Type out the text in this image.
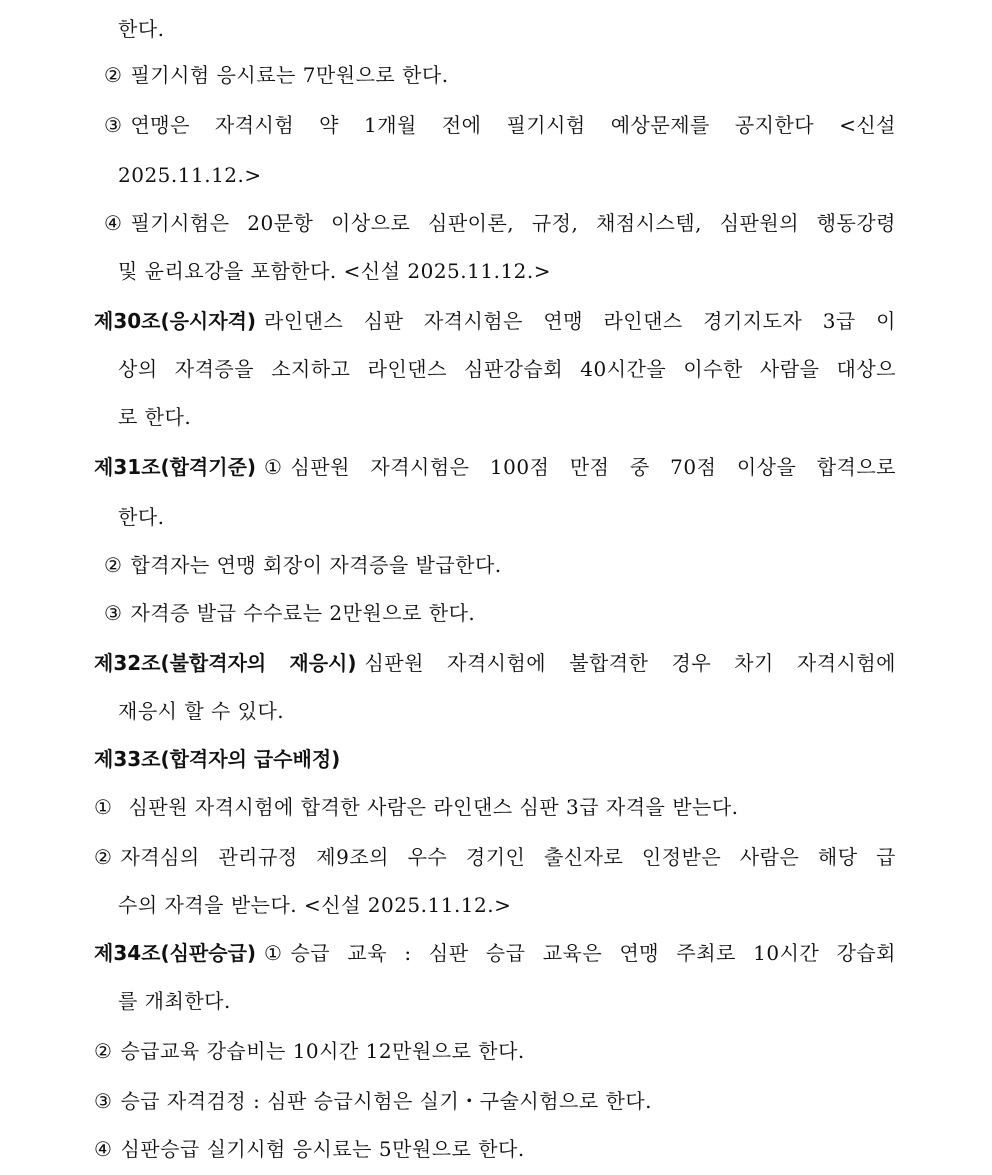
한다.
② 필기시험 응시료는 7만원으로 한다.
③ 연맹은 자격시험 약 1개월 전에 필기시험 예상문제를 공지한다 <신설
2025.11.12.>
④ 필기시험은 20문항 이상으로 심판이론, 규정, 채점시스템, 심판원의 행동강령
및 윤리요강을 포함한다. <신설 2025.11.12.>
제30조(응시자격) 라인댄스 심판 자격시험은 연맹 라인댄스 경기지도자 3급 이
상의 자격증을 소지하고 라인댄스 심판강습회 40시간을 이수한 사람을 대상으
로 한다.
제31조(합격기준) ① 심판원 자격시험은 100점 만점 중 70점 이상을 합격으로
한다.
② 합격자는 연맹 회장이 자격증을 발급한다.
③ 자격증 발급 수수료는 2만원으로 한다.
제32조(불합격자의 재응시) 심판원 자격시험에 불합격한 경우 차기 자격시험에
재응시 할 수 있다.
제33조(합격자의 급수배정)
① 심판원 자격시험에 합격한 사람은 라인댄스 심판 3급 자격을 받는다.
② 자격심의 관리규정 제9조의 우수 경기인 출신자로 인정받은 사람은 해당 급
수의 자격을 받는다. <신설 2025.11.12.>
제34조(심판승급) ① 승급 교육 : 심판 승급 교육은 연맹 주최로 10시간 강습회
를 개최한다.
② 승급교육 강습비는 10시간 12만원으로 한다.
③ 승급 자격검정 : 심판 승급시험은 실기・구술시험으로 한다.
④ 심판승급 실기시험 응시료는 5만원으로 한다.
